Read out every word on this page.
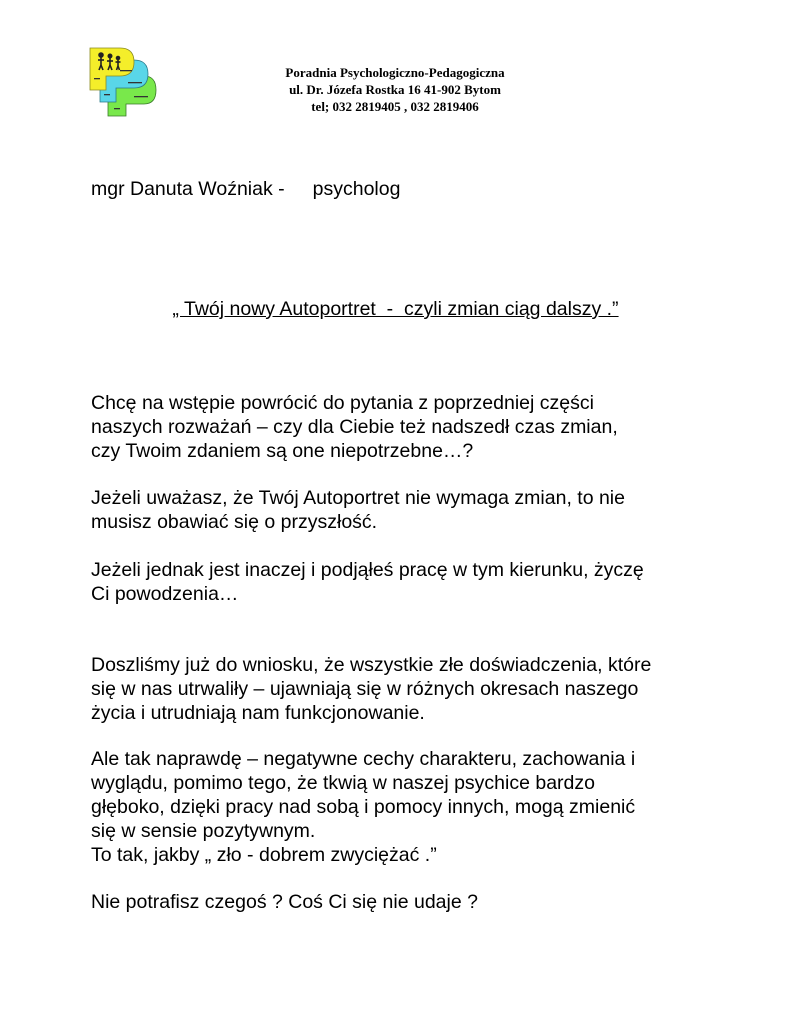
Poradnia Psychologiczno-Pedagogiczna
ul. Dr. Józefa Rostka 16 41-902 Bytom
tel; 032 2819405 , 032 2819406
mgr Danuta Woźniak - psycholog
„ Twój nowy Autoportret  -  czyli zmian ciąg dalszy .”
Chcę na wstępie powrócić do pytania z poprzedniej części
naszych rozważań – czy dla Ciebie też nadszedł czas zmian,
czy Twoim zdaniem są one niepotrzebne…?
Jeżeli uważasz, że Twój Autoportret nie wymaga zmian, to nie
musisz obawiać się o przyszłość.
Jeżeli jednak jest inaczej i podjąłeś pracę w tym kierunku, życzę
Ci powodzenia…
Doszliśmy już do wniosku, że wszystkie złe doświadczenia, które
się w nas utrwaliły – ujawniają się w różnych okresach naszego
życia i utrudniają nam funkcjonowanie.
Ale tak naprawdę – negatywne cechy charakteru, zachowania i
wyglądu, pomimo tego, że tkwią w naszej psychice bardzo
głęboko, dzięki pracy nad sobą i pomocy innych, mogą zmienić
się w sensie pozytywnym.
To tak, jakby „ zło - dobrem zwyciężać .”
Nie potrafisz czegoś ? Coś Ci się nie udaje ?
